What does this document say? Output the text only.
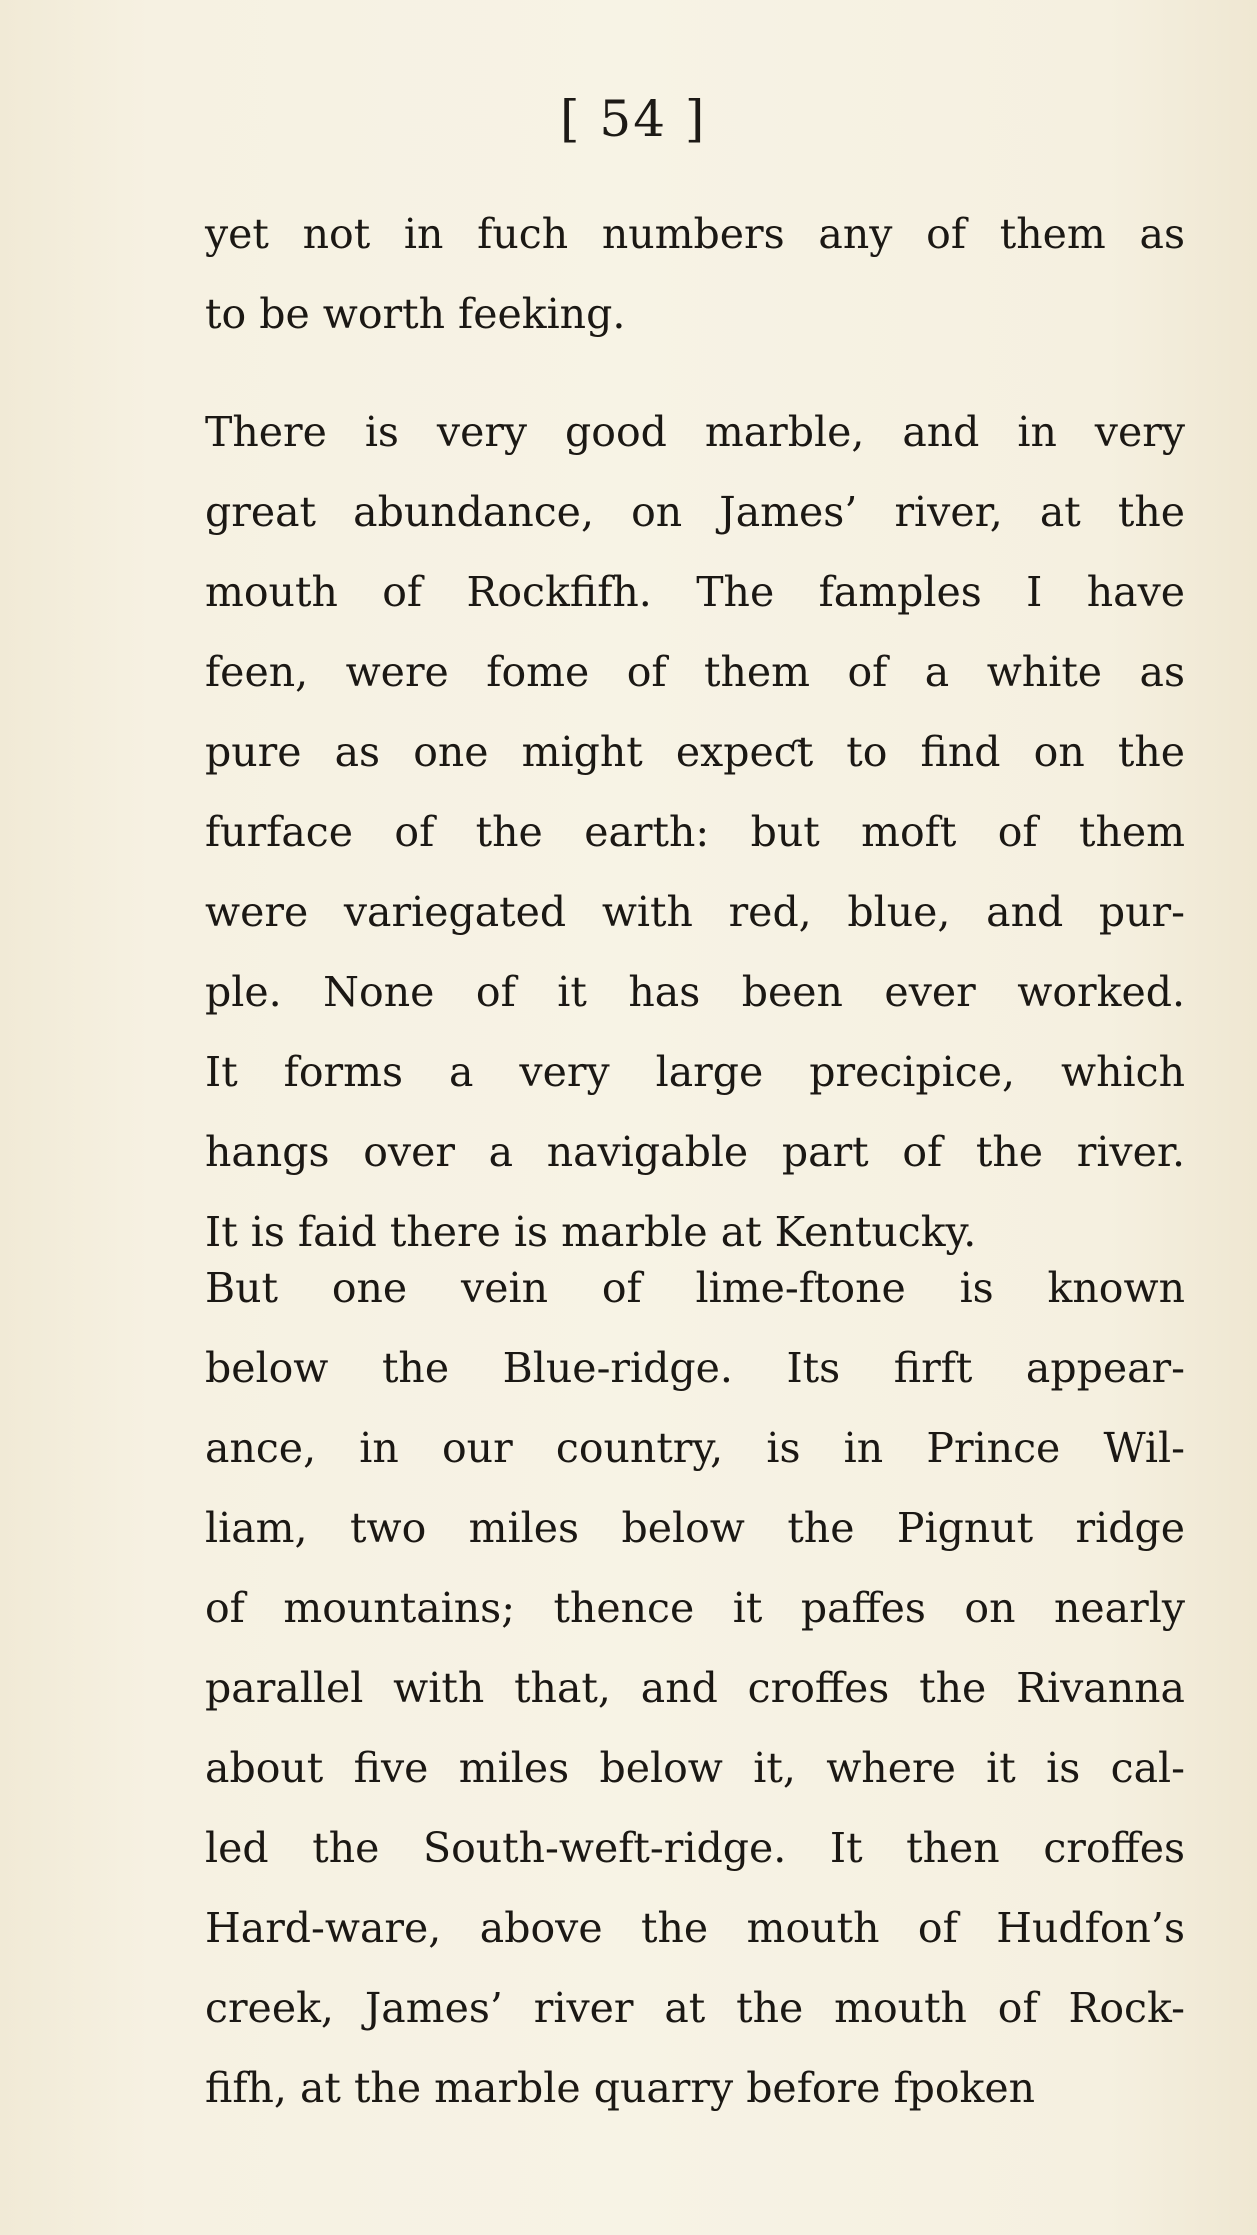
[ 54 ]
yet not in fuch numbers any of them as
to be worth feeking.
There is very good marble, and in very
great abundance, on James’ river, at the
mouth of Rockfifh. The famples I have
feen, were fome of them of a white as
pure as one might expeƈt to find on the
furface of the earth: but moft of them
were variegated with red, blue, and pur-
ple. None of it has been ever worked.
It forms a very large precipice, which
hangs over a navigable part of the river.
It is faid there is marble at Kentucky.
But one vein of lime-ftone is known
below the Blue-ridge. Its firft appear-
ance, in our country, is in Prince Wil-
liam, two miles below the Pignut ridge
of mountains; thence it paffes on nearly
parallel with that, and croffes the Rivanna
about five miles below it, where it is cal-
led the South-weft-ridge. It then croffes
Hard-ware, above the mouth of Hudfon’s
creek, James’ river at the mouth of Rock-
fifh, at the marble quarry before fpoken
